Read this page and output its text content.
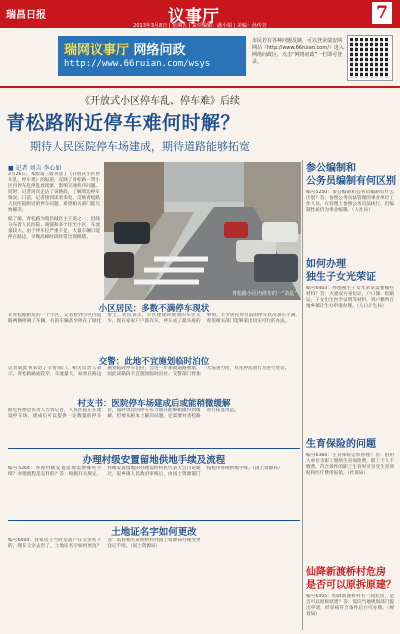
瑞昌日报	议事厅	7
2013年3月8日 | 星期五 | 责任编辑：潘小娟 | 美编：孙传芳
瑞网议事厅 网络问政
http://www.66ruian.com/wsys
市民若有各种问题反映，可以登录瑞安网网站（http://www.66ruian.com/）进入网络问政区，点击“网络问政”一栏即可登录。
《开放式小区停车乱、停车难》后续
青松路附近停车难何时解？
期待人民医院停车场建成，期待道路能够拓宽
■ 记者 刘吉 李心如
2月26日，本版第三版刊登了《开放式小区停车乱、停车难》的报道，反映了青松路一带小区内停车乱停乱放现象，影响交通秩序问题。同时，记者再次走访了该路段，了解周边停车情况。日前，记者接到读者来电，反映青松路人民医院附近的停车问题，希望相关部门能尽快解决。
据了解，青松路为瑞昌城区主干道之一，沿线分布着人民医院、商铺和多个住宅小区，车流量较大。由于停车位严重不足，大量车辆只能停在路边，早晚高峰时段经常出现拥堵。
青松路小区内停车的一“杂乱”
小区居民：多数不满停车现状
在青松路附近的一个小区，记者看到小区内道路两侧停满了车辆，有的车辆甚至停在了绿化带上。居民表示，小区建成时规划的车位太少，现在家家户户都有车，停车成了最头疼的事情。不少居民对目前的停车状况表示不满，希望相关部门能够拿出切实可行的办法。
交警：此地不宜施划临时泊位
记者就此事采访了交警部门。相关负责人表示，青松路路面较窄，车流量大，如果在路边施划临时停车泊位，会进一步加剧道路拥堵，因此该路段不宜施划临时泊位。交警部门将加大巡查力度，对乱停乱放行为进行处罚。
村支书：医院停车场建成后或能稍微缓解
附近村委会负责人告诉记者，人民医院正在建设停车场，建成后可以提供一定数量的停车位，届时周边的停车压力或许能够稍微得到缓解。但要从根本上解决问题，还需要对青松路进行拓宽改造。
办理村级安置留地供地手续及流程
编号5264：办理村级安置留地需要哪些手续？办理流程是怎样的？答：根据有关规定，村级安置留地的办理需经村民代表大会讨论通过，报乡镇人民政府审核后，由国土资源部门按程序办理供地手续。（国土资源局）
土地证名字如何更改
编号6404：我家房子当时是落户在父亲名下的，现在父亲去世了，土地证名字如何更改？答：需持相关证明材料到国土资源局办理变更登记手续。（国土资源局）
参公编制和
公务员编制有何区别
编号5250：参公编制和公务员编制有什么区别？答：参照公务员法管理的事业单位工作人员，在管理上参照公务员法执行，但编制性质仍为事业编制。（人社局）
如何办理
独生子女光荣证
编号6403：办理独生子女光荣证需要哪些材料？答：夫妻双方身份证、户口簿、结婚证、子女出生医学证明等材料，到户籍所在地乡镇计生办申请办理。（人口计生局）
生育保险的问题
编号6384：生育保险怎样办理？答：由用人单位为职工缴纳生育保险费，职工个人不缴费。符合条件的职工生育时可享受生育津贴和医疗费用报销。（社保局）
仙降新渡桥村危房
是否可以原拆原建？
编号6405：仙降新渡桥村有一间危房，是否可以原拆原建？答：需向当地规划部门提出申请，经审核符合条件后方可办理。（规划局）
